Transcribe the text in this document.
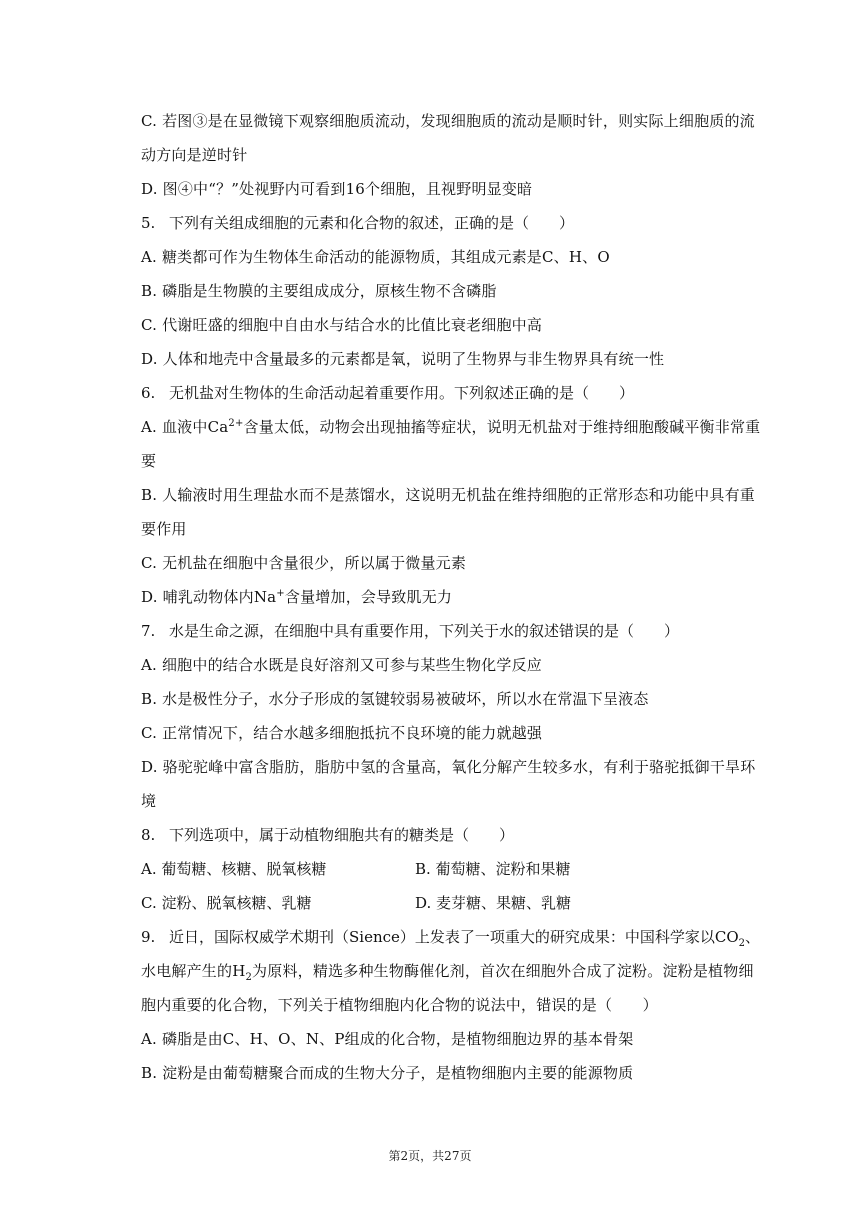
C. 若图③是在显微镜下观察细胞质流动，发现细胞质的流动是顺时针，则实际上细胞质的流
动方向是逆时针
D. 图④中“？”处视野内可看到16个细胞，且视野明显变暗
5. 下列有关组成细胞的元素和化合物的叙述，正确的是（　　）
A. 糖类都可作为生物体生命活动的能源物质，其组成元素是C、H、O
B. 磷脂是生物膜的主要组成成分，原核生物不含磷脂
C. 代谢旺盛的细胞中自由水与结合水的比值比衰老细胞中高
D. 人体和地壳中含量最多的元素都是氧，说明了生物界与非生物界具有统一性
6. 无机盐对生物体的生命活动起着重要作用。下列叙述正确的是（　　）
A. 血液中$Ca^{2+}$含量太低，动物会出现抽搐等症状，说明无机盐对于维持细胞酸碱平衡非常重
要
B. 人输液时用生理盐水而不是蒸馏水，这说明无机盐在维持细胞的正常形态和功能中具有重
要作用
C. 无机盐在细胞中含量很少，所以属于微量元素
D. 哺乳动物体内Na+含量增加，会导致肌无力
7. 水是生命之源，在细胞中具有重要作用，下列关于水的叙述错误的是（　　）
A. 细胞中的结合水既是良好溶剂又可参与某些生物化学反应
B. 水是极性分子，水分子形成的氢键较弱易被破坏，所以水在常温下呈液态
C. 正常情况下，结合水越多细胞抵抗不良环境的能力就越强
D. 骆驼驼峰中富含脂肪，脂肪中氢的含量高，氧化分解产生较多水，有利于骆驼抵御干旱环
境
8. 下列选项中，属于动植物细胞共有的糖类是（　　）
A. 葡萄糖、核糖、脱氧核糖	B. 葡萄糖、淀粉和果糖
C. 淀粉、脱氧核糖、乳糖	D. 麦芽糖、果糖、乳糖
9. 近日，国际权威学术期刊（Sience）上发表了一项重大的研究成果：中国科学家以$CO_2$、
水电解产生的$H_2$为原料，精选多种生物酶催化剂，首次在细胞外合成了淀粉。淀粉是植物细
胞内重要的化合物，下列关于植物细胞内化合物的说法中，错误的是（　　）
A. 磷脂是由C、H、O、N、P组成的化合物，是植物细胞边界的基本骨架
B. 淀粉是由葡萄糖聚合而成的生物大分子，是植物细胞内主要的能源物质
第2页，共27页
